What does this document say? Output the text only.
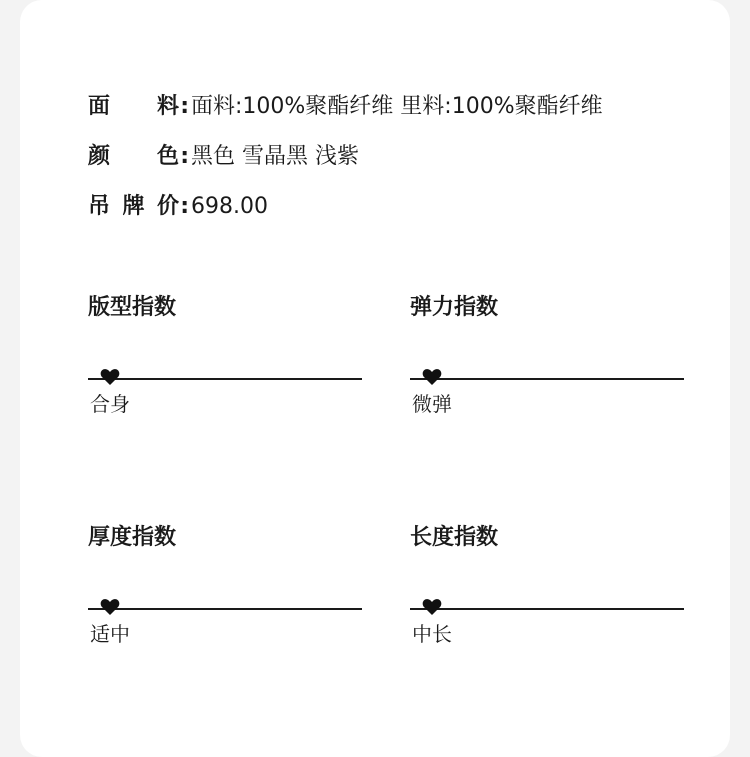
面 料 : 面料:100%聚酯纤维 里料:100%聚酯纤维
颜 色 : 黑色 雪晶黑 浅紫
吊 牌 价 : 698.00
版型指数
合身
弹力指数
微弹
厚度指数
适中
长度指数
中长
